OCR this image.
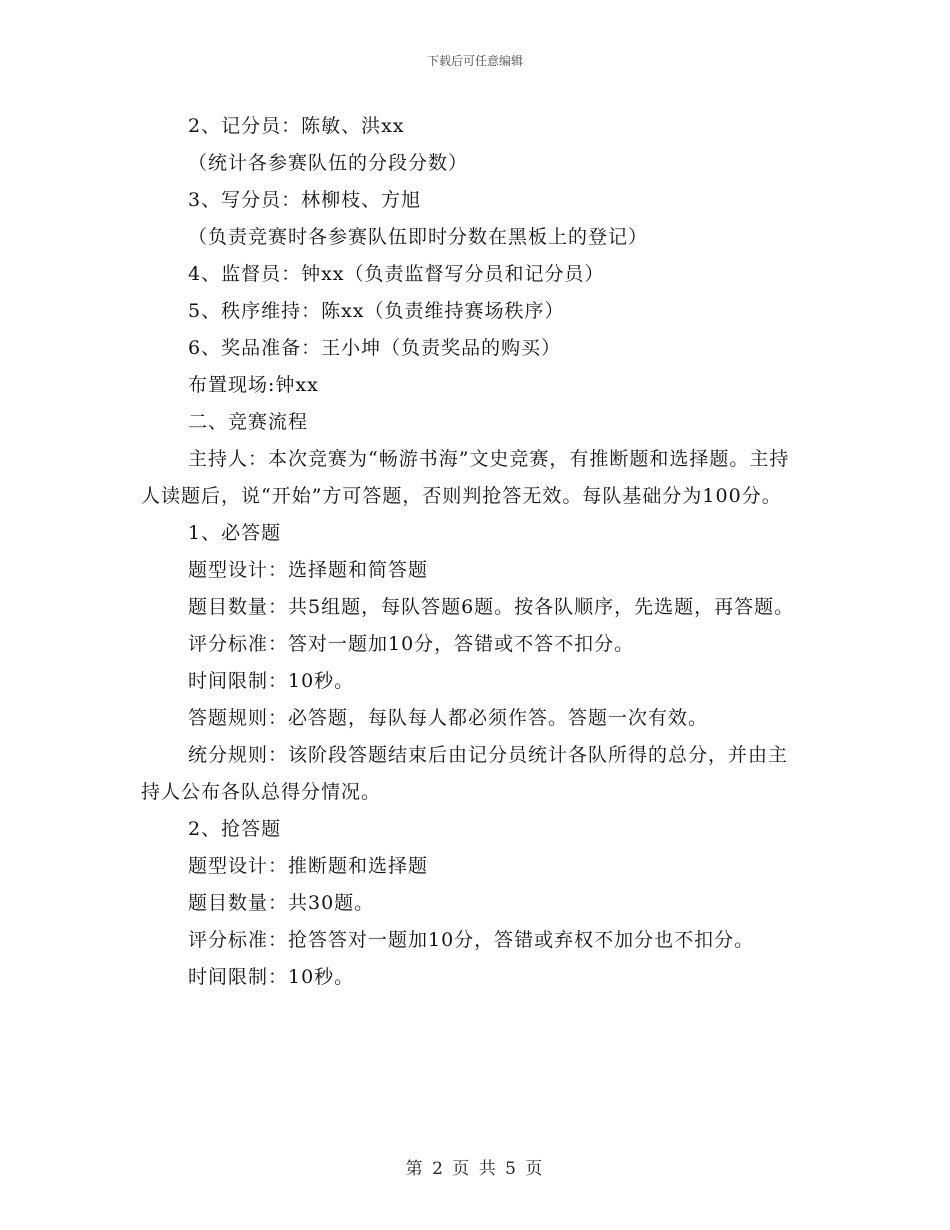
下载后可任意编辑

2、记分员：陈敏、洪xx

（统计各参赛队伍的分段分数）

3、写分员：林柳枝、方旭

（负责竞赛时各参赛队伍即时分数在黑板上的登记）

4、监督员：钟xx（负责监督写分员和记分员）

5、秩序维持：陈xx（负责维持赛场秩序）

6、奖品准备：王小坤（负责奖品的购买）

布置现场:钟xx

二、竞赛流程

主持人：本次竞赛为“畅游书海”文史竞赛，有推断题和选择题。主持人读题后，说“开始”方可答题，否则判抢答无效。每队基础分为100分。

1、必答题

题型设计：选择题和简答题

题目数量：共5组题，每队答题6题。按各队顺序，先选题，再答题。

评分标准：答对一题加10分，答错或不答不扣分。

时间限制：10秒。

答题规则：必答题，每队每人都必须作答。答题一次有效。

统分规则：该阶段答题结束后由记分员统计各队所得的总分，并由主持人公布各队总得分情况。

2、抢答题

题型设计：推断题和选择题

题目数量：共30题。

评分标准：抢答答对一题加10分，答错或弃权不加分也不扣分。

时间限制：10秒。

第 2 页 共 5 页
